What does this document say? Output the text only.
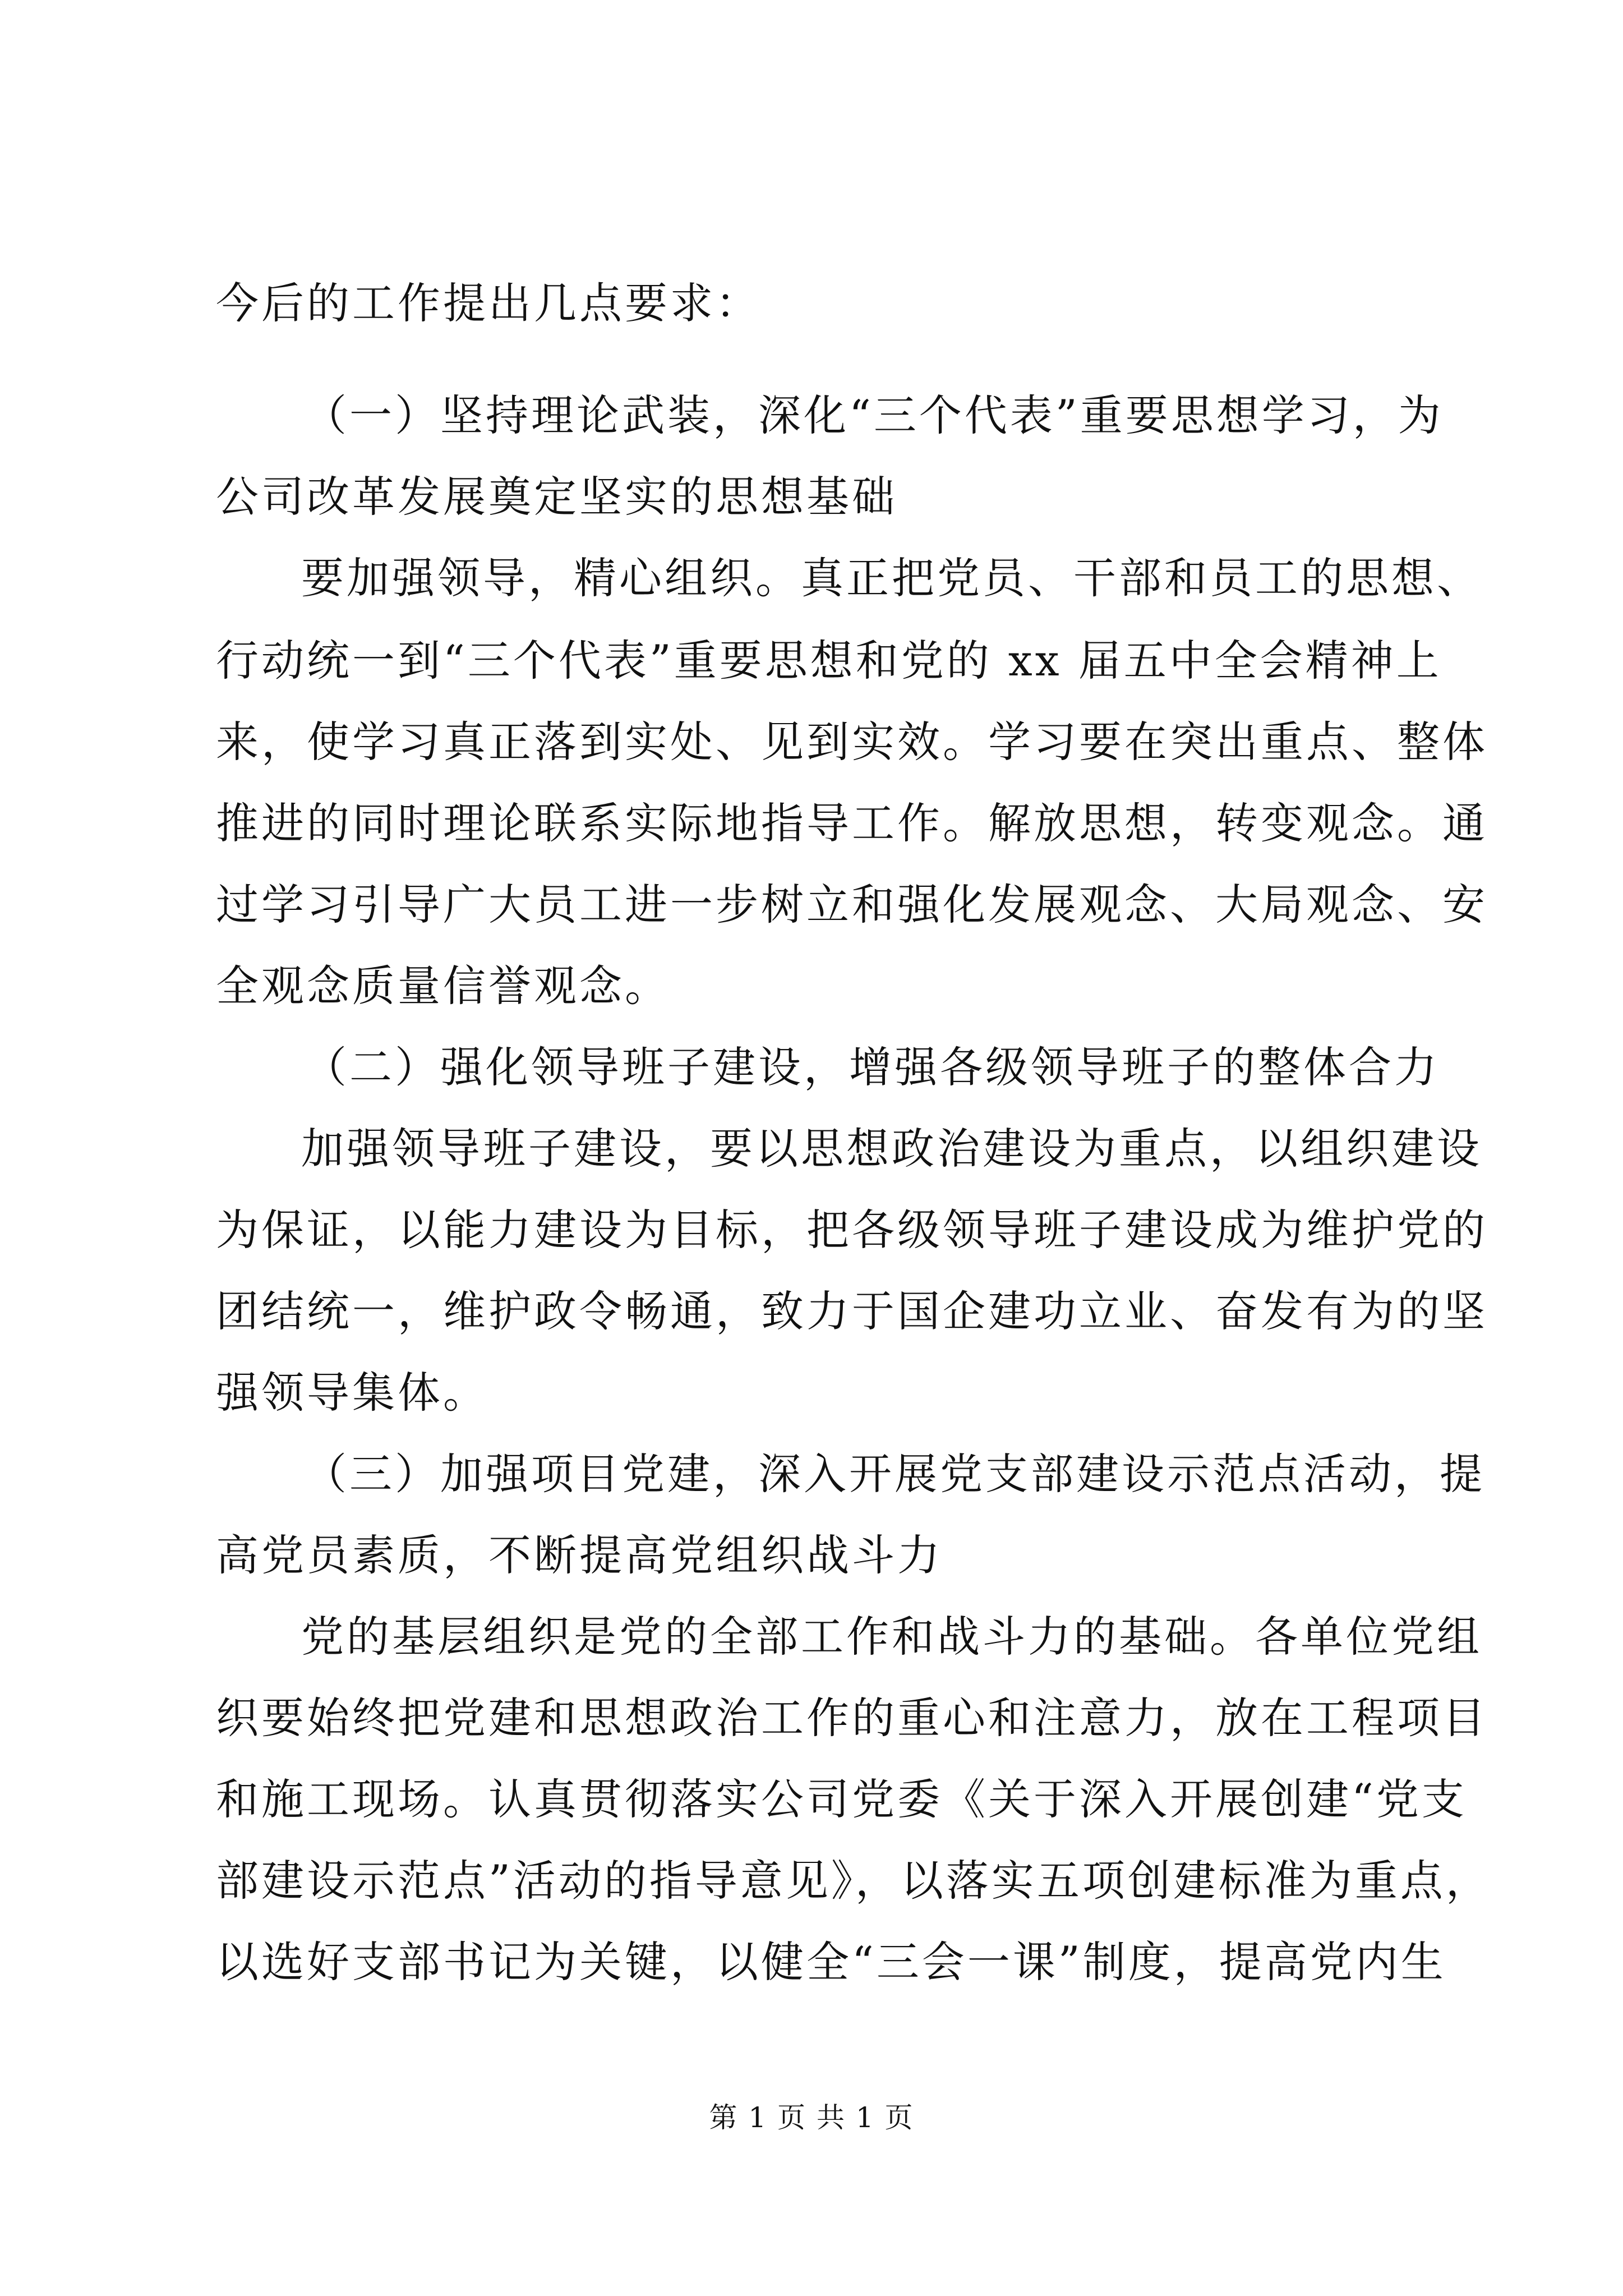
今后的工作提出几点要求：
（一）坚持理论武装，深化“三个代表”重要思想学习，为
公司改革发展奠定坚实的思想基础
要加强领导，精心组织。真正把党员、干部和员工的思想、
行动统一到“三个代表”重要思想和党的 xx 届五中全会精神上
来，使学习真正落到实处、见到实效。学习要在突出重点、整体
推进的同时理论联系实际地指导工作。解放思想，转变观念。通
过学习引导广大员工进一步树立和强化发展观念、大局观念、安
全观念质量信誉观念。
（二）强化领导班子建设，增强各级领导班子的整体合力
加强领导班子建设，要以思想政治建设为重点，以组织建设
为保证，以能力建设为目标，把各级领导班子建设成为维护党的
团结统一，维护政令畅通，致力于国企建功立业、奋发有为的坚
强领导集体。
（三）加强项目党建，深入开展党支部建设示范点活动，提
高党员素质，不断提高党组织战斗力
党的基层组织是党的全部工作和战斗力的基础。各单位党组
织要始终把党建和思想政治工作的重心和注意力，放在工程项目
和施工现场。认真贯彻落实公司党委《关于深入开展创建“党支
部建设示范点”活动的指导意见》，以落实五项创建标准为重点，
以选好支部书记为关键，以健全“三会一课”制度，提高党内生
第 1 页 共 1 页
